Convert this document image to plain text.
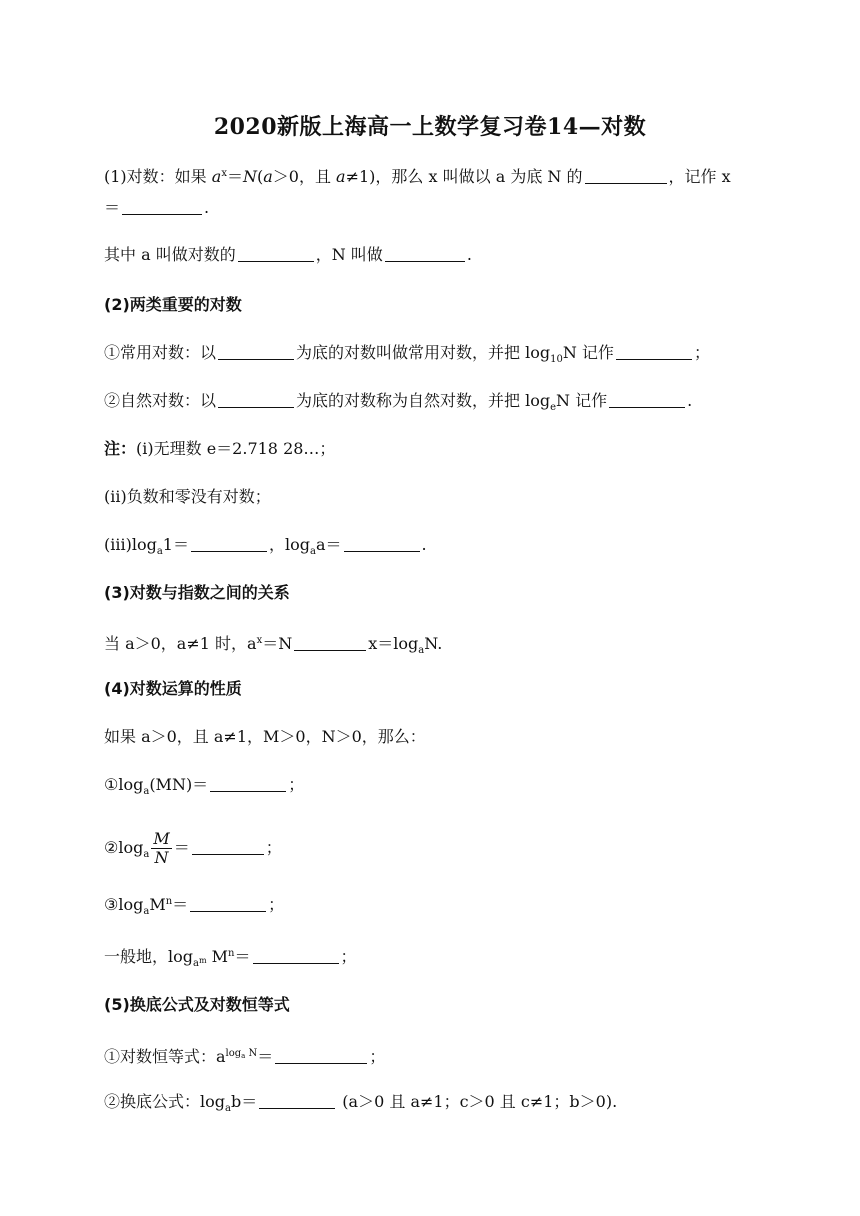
2020新版上海高一上数学复习卷14—对数
(1)对数：如果 $a^x=N(a>0$，且 a≠1)，那么 x 叫做以 a 为底 N 的	，记作 x
＝	.
其中 a 叫做对数的	，N 叫做	.
(2)两类重要的对数
①常用对数：以	为底的对数叫做常用对数，并把 $\log_{10}N$ 记作	；
②自然对数：以	为底的对数称为自然对数，并把 $\log_eN$ 记作	.
注：(i)无理数 e＝2.718 28…；
(ii)负数和零没有对数；
$(iii)\log_a1=$	，$\log_aa=$	.
(3)对数与指数之间的关系
当 a＞0，a≠1 时，$a^x=N$	$x=\log_aN$.
(4)对数运算的性质
如果 a＞0，且 a≠1，M＞0，N＞0，那么：
$①\log_a(MN)=$	；
$②\log_a \frac{M}{N}$ ＝	；
$③\log_aM^n=$	；
一般地，$\log_{a^m} M^n=$	；
(5)换底公式及对数恒等式
①对数恒等式：$a^{log_a N}=$	；
②换底公式：$\log_ab=$	(a＞0 且 a≠1；c＞0 且 c≠1；b＞0).
